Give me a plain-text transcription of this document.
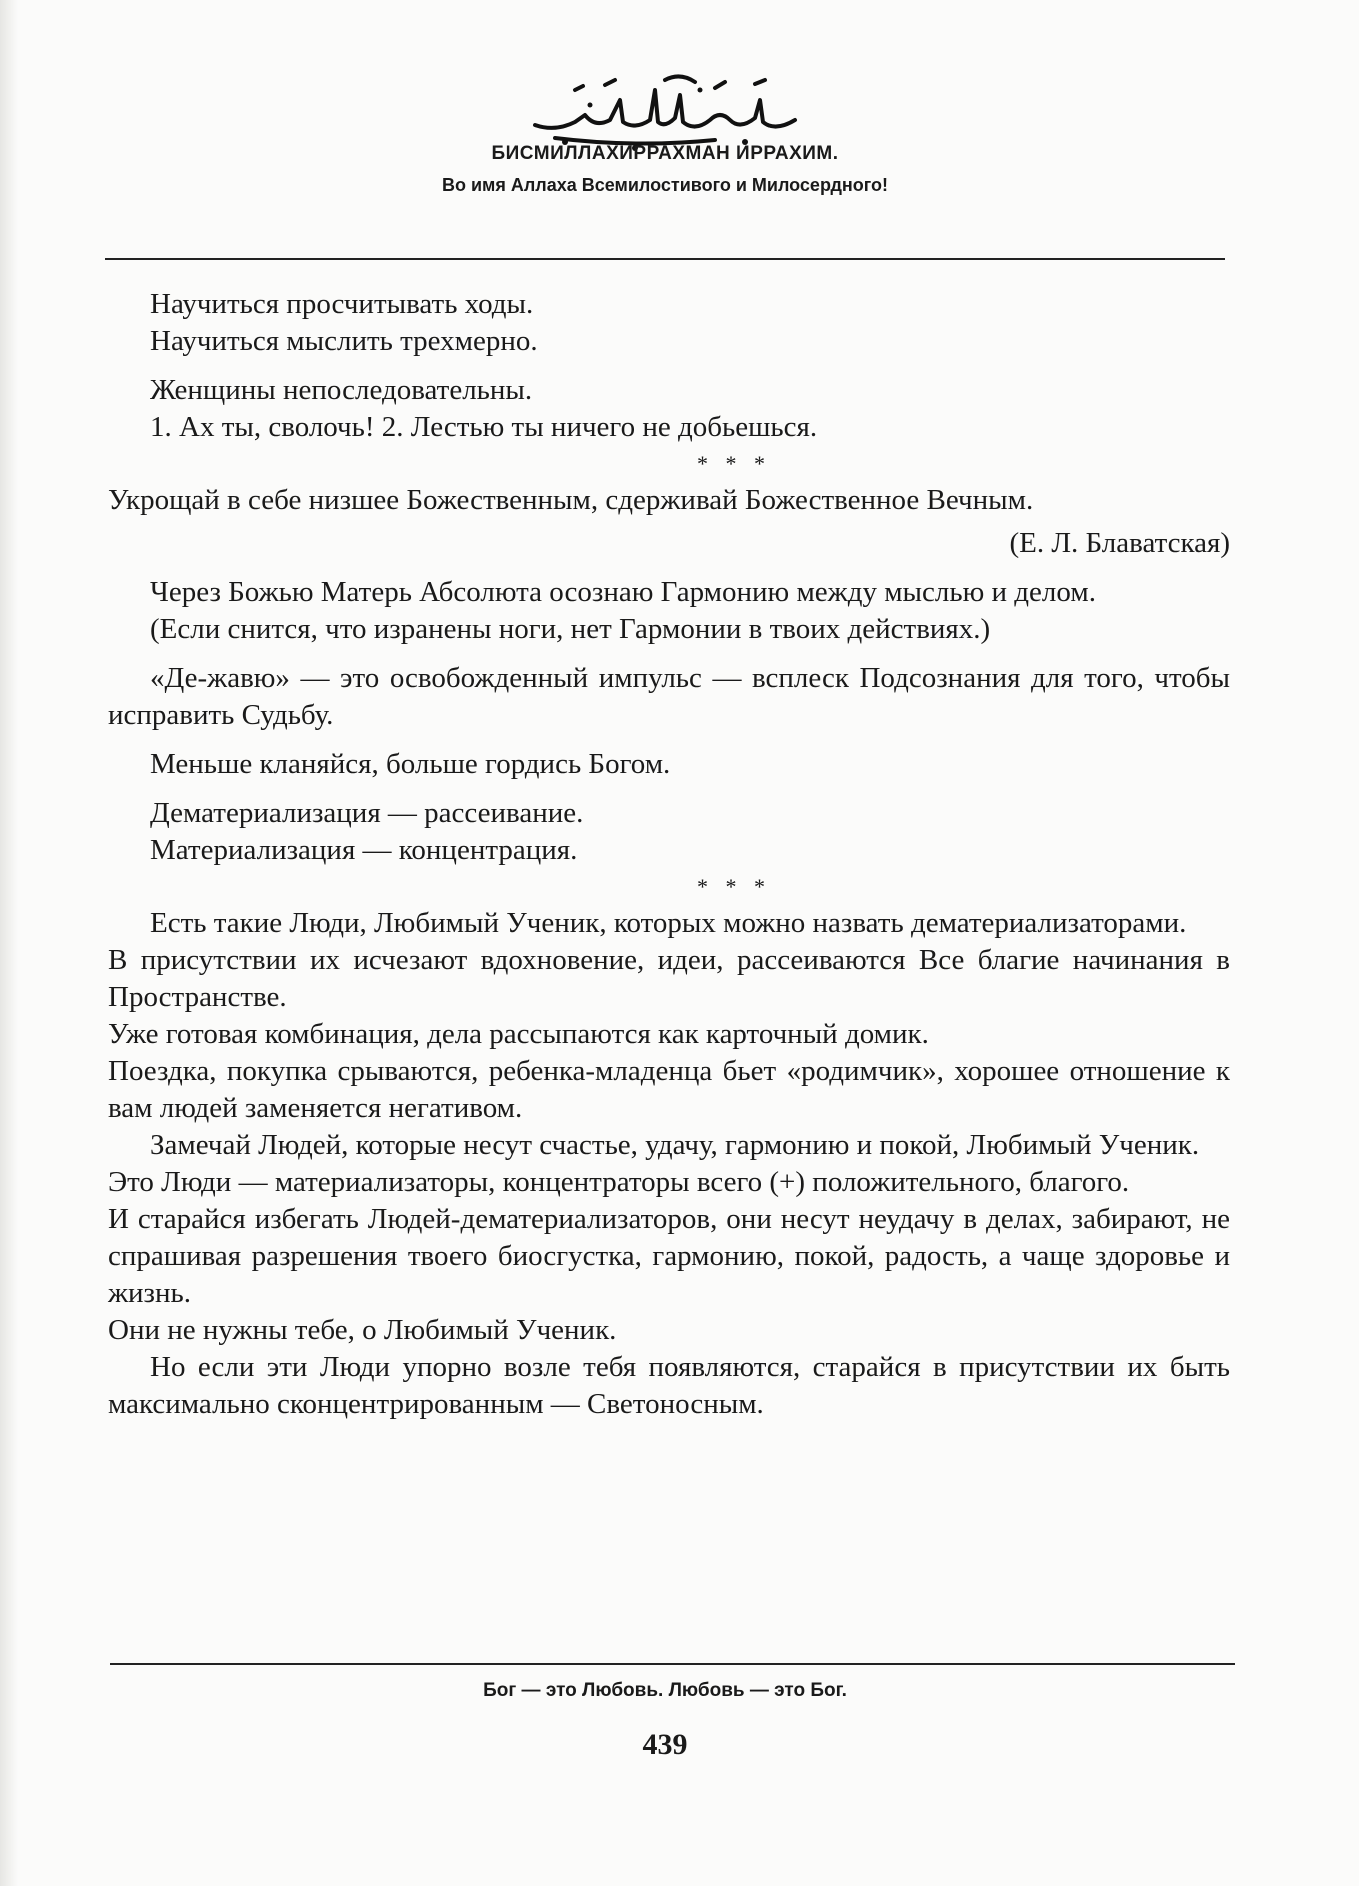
БИСМИЛЛАХИРРАХМАН ИРРАХИМ.
Во имя Аллаха Всемилостивого и Милосердного!

Научиться просчитывать ходы.

Научиться мыслить трехмерно.

Женщины непоследовательны.

1. Ах ты, сволочь! 2. Лестью ты ничего не добьешься.

* * *

Укрощай в себе низшее Божественным, сдерживай Божественное Вечным.

(Е. Л. Блаватская)

Через Божью Матерь Абсолюта осознаю Гармонию между мыслью и делом.

(Если снится, что изранены ноги, нет Гармонии в твоих действиях.)

«Де-жавю» — это освобожденный импульс — всплеск Подсознания для того, чтобы исправить Судьбу.

Меньше кланяйся, больше гордись Богом.

Дематериализация — рассеивание.

Материализация — концентрация.

* * *

Есть такие Люди, Любимый Ученик, которых можно назвать дематериализаторами.

В присутствии их исчезают вдохновение, идеи, рассеиваются Все благие начинания в Пространстве.

Уже готовая комбинация, дела рассыпаются как карточный домик.

Поездка, покупка срываются, ребенка-младенца бьет «родимчик», хорошее отношение к вам людей заменяется негативом.

Замечай Людей, которые несут счастье, удачу, гармонию и покой, Любимый Ученик.

Это Люди — материализаторы, концентраторы всего (+) положительного, благого.

И старайся избегать Людей-дематериализаторов, они несут неудачу в делах, забирают, не спрашивая разрешения твоего биосгустка, гармонию, покой, радость, а чаще здоровье и жизнь.

Они не нужны тебе, о Любимый Ученик.

Но если эти Люди упорно возле тебя появляются, старайся в присутствии их быть максимально сконцентрированным — Светоносным.

Бог — это Любовь. Любовь — это Бог.
439
